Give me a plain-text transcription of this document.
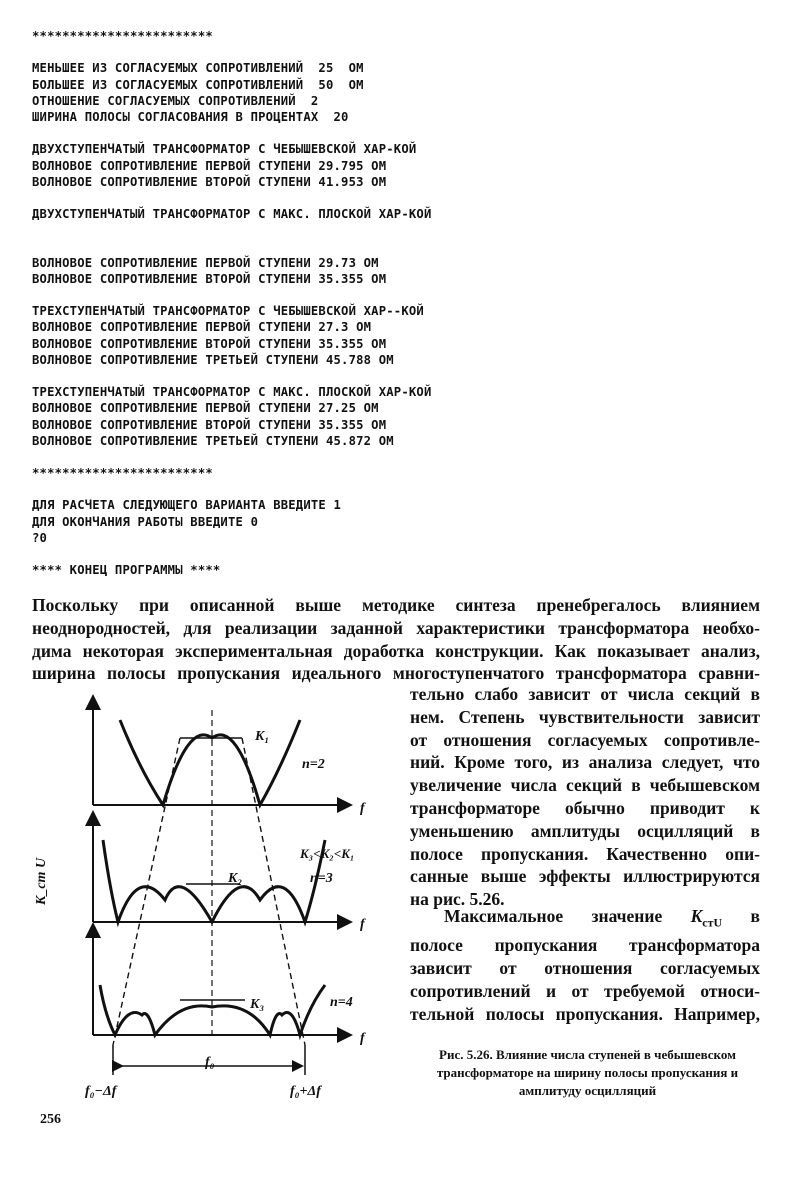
************************
МЕНЬШЕЕ ИЗ СОГЛАСУЕМЫХ СОПРОТИВЛЕНИЙ  25  ОМ
БОЛЬШЕЕ ИЗ СОГЛАСУЕМЫХ СОПРОТИВЛЕНИЙ  50  ОМ
ОТНОШЕНИЕ СОГЛАСУЕМЫХ СОПРОТИВЛЕНИЙ  2
ШИРИНА ПОЛОСЫ СОГЛАСОВАНИЯ В ПРОЦЕНТАХ  20
ДВУХСТУПЕНЧАТЫЙ ТРАНСФОРМАТОР С ЧЕБЫШЕВСКОЙ ХАР-КОЙ
ВОЛНОВОЕ СОПРОТИВЛЕНИЕ ПЕРВОЙ СТУПЕНИ 29.795 ОМ
ВОЛНОВОЕ СОПРОТИВЛЕНИЕ ВТОРОЙ СТУПЕНИ 41.953 ОМ
ДВУХСТУПЕНЧАТЫЙ ТРАНСФОРМАТОР С МАКС. ПЛОСКОЙ ХАР-КОЙ
ВОЛНОВОЕ СОПРОТИВЛЕНИЕ ПЕРВОЙ СТУПЕНИ 29.73 ОМ
ВОЛНОВОЕ СОПРОТИВЛЕНИЕ ВТОРОЙ СТУПЕНИ 35.355 ОМ
ТРЕХСТУПЕНЧАТЫЙ ТРАНСФОРМАТОР С ЧЕБЫШЕВСКОЙ ХАР--КОЙ
ВОЛНОВОЕ СОПРОТИВЛЕНИЕ ПЕРВОЙ СТУПЕНИ 27.3 ОМ
ВОЛНОВОЕ СОПРОТИВЛЕНИЕ ВТОРОЙ СТУПЕНИ 35.355 ОМ
ВОЛНОВОЕ СОПРОТИВЛЕНИЕ ТРЕТЬЕЙ СТУПЕНИ 45.788 ОМ
ТРЕХСТУПЕНЧАТЫЙ ТРАНСФОРМАТОР С МАКС. ПЛОСКОЙ ХАР-КОЙ
ВОЛНОВОЕ СОПРОТИВЛЕНИЕ ПЕРВОЙ СТУПЕНИ 27.25 ОМ
ВОЛНОВОЕ СОПРОТИВЛЕНИЕ ВТОРОЙ СТУПЕНИ 35.355 ОМ
ВОЛНОВОЕ СОПРОТИВЛЕНИЕ ТРЕТЬЕЙ СТУПЕНИ 45.872 ОМ
************************
ДЛЯ РАСЧЕТА СЛЕДУЮЩЕГО ВАРИАНТА ВВЕДИТЕ 1
ДЛЯ ОКОНЧАНИЯ РАБОТЫ ВВЕДИТЕ 0
?0
**** КОНЕЦ ПРОГРАММЫ ****
Поскольку при описанной выше методике синтеза пренебрегалось влиянием
неоднородностей, для реализации заданной характеристики трансформатора необхо-
дима некоторая экспериментальная доработка конструкции. Как показывает анализ,
ширина полосы пропускания идеального многоступенчатого трансформатора сравни-
тельно слабо зависит от числа секций в
нем. Степень чувствительности зависит
от отношения согласуемых сопротивле-
ний. Кроме того, из анализа следует, что
увеличение числа секций в чебышевском
трансформаторе обычно приводит к
уменьшению амплитуды осцилляций в
полосе пропускания. Качественно опи-
санные выше эффекты иллюстрируются
на рис. 5.26.
Максимальное значение $K_{стU}$ в
полосе пропускания трансформатора
зависит от отношения согласуемых
сопротивлений и от требуемой относи-
тельной полосы пропускания. Например,
K_ст U
K₁
n=2
K₃<K₂<K₁
K₂	n=3
K₃	n=4
f
f
f
f₀
f₀−Δf	f₀+Δf
Рис. 5.26. Влияние числа ступеней в чебышевском
трансформаторе на ширину полосы пропускания и
амплитуду осцилляций
256
